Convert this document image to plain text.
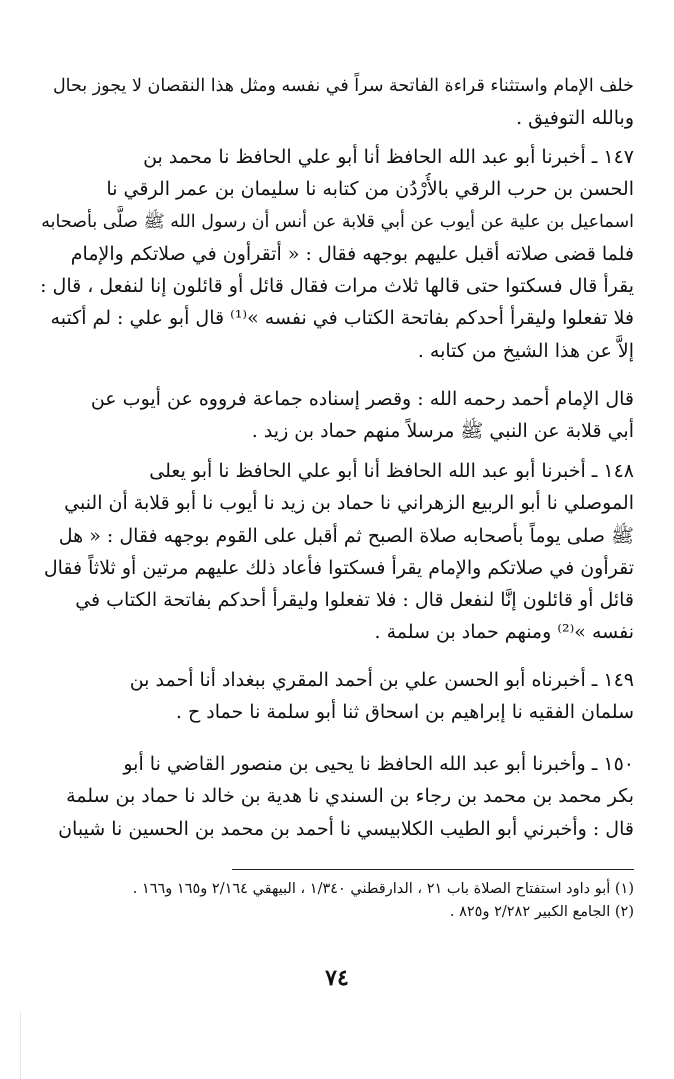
خلف الإمام واستثناء قراءة الفاتحة سراً في نفسه ومثل هذا النقصان لا يجوز بحال
وبالله التوفيق .
١٤٧ ـ أخبرنا أبو عبد الله الحافظ أنا أبو علي الحافظ نا محمد بن
الحسن بن حرب الرقي بالأُرْدُن من كتابه نا سليمان بن عمر الرقي نا
اسماعيل بن علية عن أيوب عن أبي قلابة عن أنس أن رسول الله ﷺ صلَّى بأصحابه
فلما قضى صلاته أقبل عليهم بوجهه فقال : « أتقرأون في صلاتكم والإمام
يقرأ قال فسكتوا حتى قالها ثلاث مرات فقال قائل أو قائلون إنا لنفعل ، قال :
فلا تفعلوا وليقرأ أحدكم بفاتحة الكتاب في نفسه »⁽¹⁾ قال أبو علي : لم أكتبه
إلاَّ عن هذا الشيخ من كتابه .
قال الإمام أحمد رحمه الله : وقصر إسناده جماعة فرووه عن أيوب عن
أبي قلابة عن النبي ﷺ مرسلاً منهم حماد بن زيد .
١٤٨ ـ أخبرنا أبو عبد الله الحافظ أنا أبو علي الحافظ نا أبو يعلى
الموصلي نا أبو الربيع الزهراني نا حماد بن زيد نا أيوب نا أبو قلابة أن النبي
ﷺ صلى يوماً بأصحابه صلاة الصبح ثم أقبل على القوم بوجهه فقال : « هل
تقرأون في صلاتكم والإمام يقرأ فسكتوا فأعاد ذلك عليهم مرتين أو ثلاثاً فقال
قائل أو قائلون إنَّا لنفعل قال : فلا تفعلوا وليقرأ أحدكم بفاتحة الكتاب في
نفسه »⁽²⁾ ومنهم حماد بن سلمة .
١٤٩ ـ أخبرناه أبو الحسن علي بن أحمد المقري ببغداد أنا أحمد بن
سلمان الفقيه نا إبراهيم بن اسحاق ثنا أبو سلمة نا حماد ح .
١٥٠ ـ وأخبرنا أبو عبد الله الحافظ نا يحيى بن منصور القاضي نا أبو
بكر محمد بن محمد بن رجاء بن السندي نا هدية بن خالد نا حماد بن سلمة
قال : وأخبرني أبو الطيب الكلابيسي نا أحمد بن محمد بن الحسين نا شيبان
(١) أبو داود استفتاح الصلاة باب ٢١ ، الدارقطني ١/٣٤٠ ، البيهقي ٢/١٦٤ و١٦٥ و١٦٦ .
(٢) الجامع الكبير ٢/٢٨٢ و٨٢٥ .
٧٤
